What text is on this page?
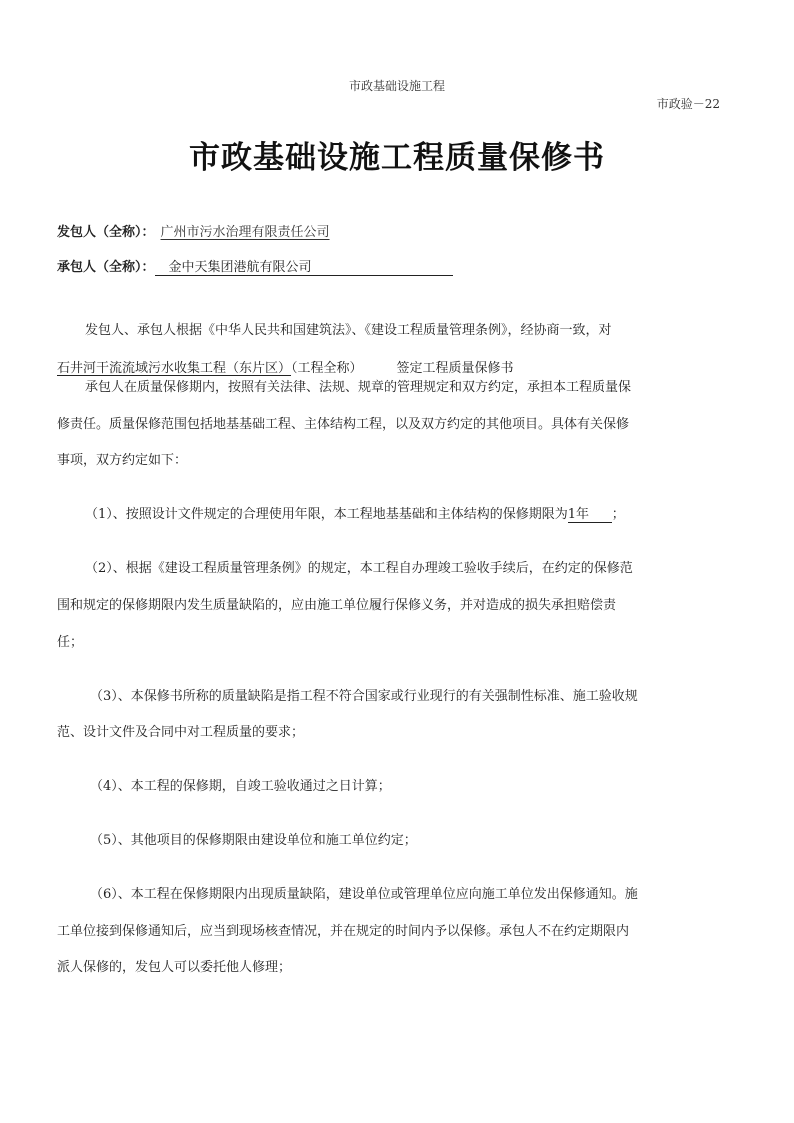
市政基础设施工程
市政验－22
市政基础设施工程质量保修书
发包人（全称）： 广州市污水治理有限责任公司
承包人（全称）： 金中天集团港航有限公司
发包人、承包人根据《中华人民共和国建筑法》、《建设工程质量管理条例》，经协商一致，对
石井河干流流域污水收集工程（东片区）（工程全称）	签定工程质量保修书
承包人在质量保修期内，按照有关法律、法规、规章的管理规定和双方约定，承担本工程质量保
修责任。质量保修范围包括地基基础工程、主体结构工程，以及双方约定的其他项目。具体有关保修
事项，双方约定如下：
（1）、按照设计文件规定的合理使用年限，本工程地基基础和主体结构的保修期限为1年 ；
（2）、根据《建设工程质量管理条例》的规定，本工程自办理竣工验收手续后，在约定的保修范
围和规定的保修期限内发生质量缺陷的，应由施工单位履行保修义务，并对造成的损失承担赔偿责
任；
（3）、本保修书所称的质量缺陷是指工程不符合国家或行业现行的有关强制性标准、施工验收规
范、设计文件及合同中对工程质量的要求；
（4）、本工程的保修期，自竣工验收通过之日计算；
（5）、其他项目的保修期限由建设单位和施工单位约定；
（6）、本工程在保修期限内出现质量缺陷，建设单位或管理单位应向施工单位发出保修通知。施
工单位接到保修通知后，应当到现场核查情况，并在规定的时间内予以保修。承包人不在约定期限内
派人保修的，发包人可以委托他人修理；
